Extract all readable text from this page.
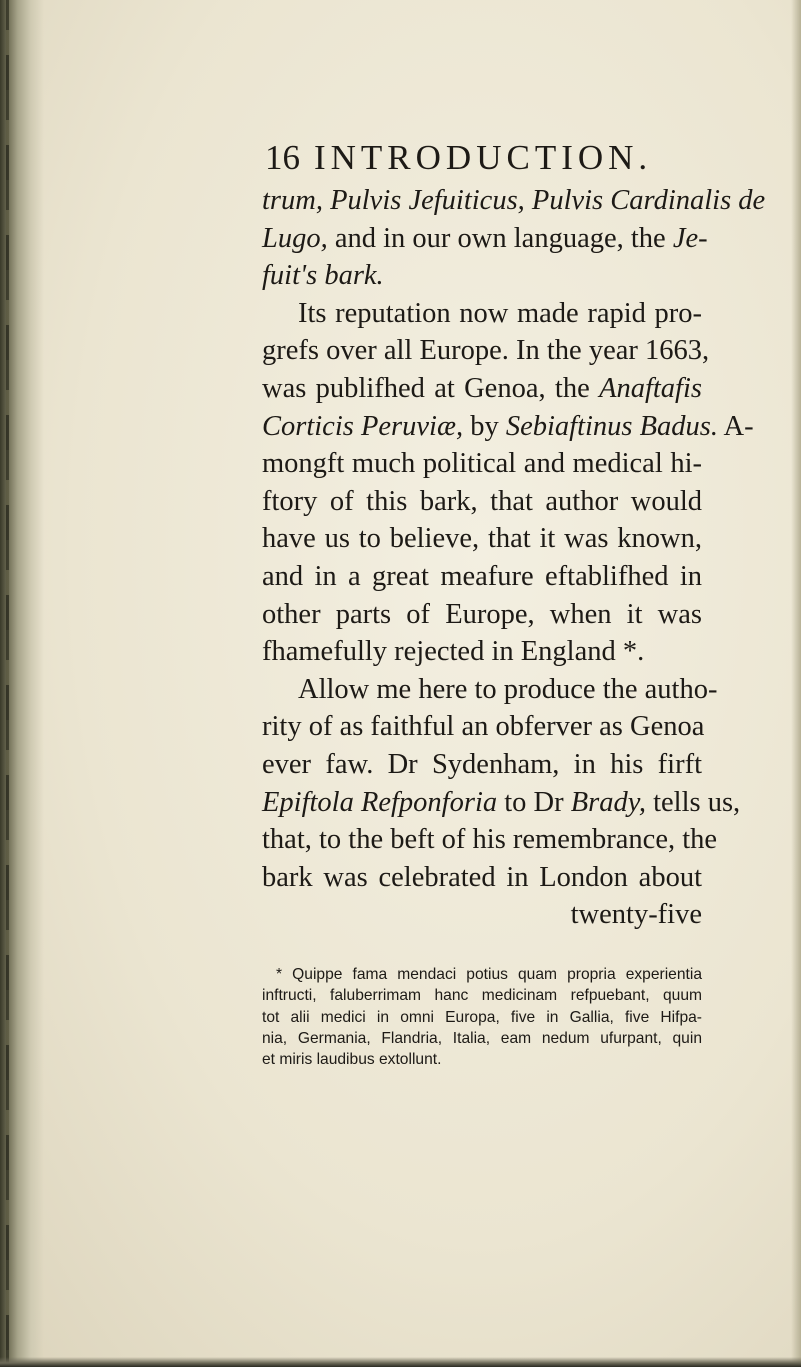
16 INTRODUCTION.
trum, Pulvis Jefuiticus, Pulvis Cardinalis de
Lugo, and in our own language, the Je-
fuit's bark.
Its reputation now made rapid pro-
grefs over all Europe. In the year 1663,
was publifhed at Genoa, the Anaftafis
Corticis Peruviæ, by Sebiaftinus Badus. A-
mongft much political and medical hi-
ftory of this bark, that author would
have us to believe, that it was known,
and in a great meafure eftablifhed in
other parts of Europe, when it was
fhamefully rejected in England *.
Allow me here to produce the autho-
rity of as faithful an obferver as Genoa
ever faw. Dr Sydenham, in his firft
Epiftola Refponforia to Dr Brady, tells us,
that, to the beft of his remembrance, the
bark was celebrated in London about
twenty-five
* Quippe fama mendaci potius quam propria experientia
inftructi, faluberrimam hanc medicinam refpuebant, quum
tot alii medici in omni Europa, five in Gallia, five Hifpa-
nia, Germania, Flandria, Italia, eam nedum ufurpant, quin
et miris laudibus extollunt.
